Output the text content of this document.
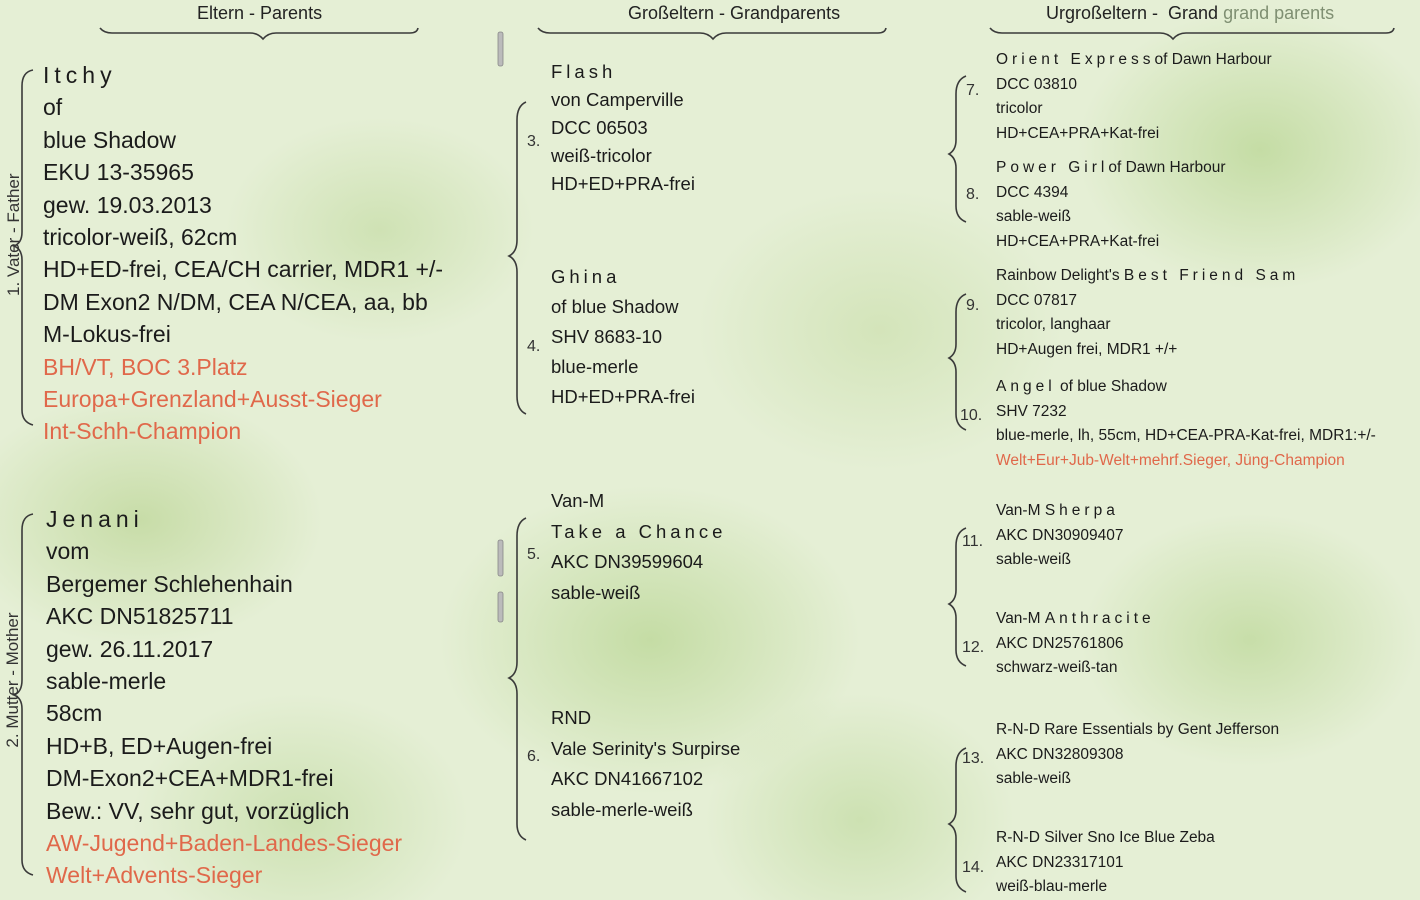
Eltern - Parents	Großeltern - Grandparents	Urgroßeltern -  Grand grand parents
1. Vater - Father
2. Mutter - Mother
Itchy
of
blue Shadow
EKU 13-35965
gew. 19.03.2013
tricolor-weiß, 62cm
HD+ED-frei, CEA/CH carrier, MDR1 +/-
DM Exon2 N/DM, CEA N/CEA, aa, bb
M-Lokus-frei
BH/VT, BOC 3.Platz
Europa+Grenzland+Ausst-Sieger
Int-Schh-Champion
Jenani
vom
Bergemer Schlehenhain
AKC DN51825711
gew. 26.11.2017
sable-merle
58cm
HD+B, ED+Augen-frei
DM-Exon2+CEA+MDR1-frei
Bew.: VV, sehr gut, vorzüglich
AW-Jugend+Baden-Landes-Sieger
Welt+Advents-Sieger
3.
Flash
von Camperville
DCC 06503
weiß-tricolor
HD+ED+PRA-frei
4.
Ghina
of blue Shadow
SHV 8683-10
blue-merle
HD+ED+PRA-frei
5.
Van-M
Take a Chance
AKC DN39599604
sable-weiß
6.
RND
Vale Serinity's Surpirse
AKC DN41667102
sable-merle-weiß
7.
Orient Expressof Dawn Harbour
DCC 03810
tricolor
HD+CEA+PRA+Kat-frei
8.
Power Girlof Dawn Harbour
DCC 4394
sable-weiß
HD+CEA+PRA+Kat-frei
9.
Rainbow Delight's Best Friend Sam
DCC 07817
tricolor, langhaar
HD+Augen frei, MDR1 +/+
10.
Angel of blue Shadow
SHV 7232
blue-merle, lh, 55cm, HD+CEA-PRA-Kat-frei, MDR1:+/-
Welt+Eur+Jub-Welt+mehrf.Sieger, Jüng-Champion
11.
Van-M Sherpa
AKC DN30909407
sable-weiß
12.
Van-M Anthracite
AKC DN25761806
schwarz-weiß-tan
13.
R-N-D Rare Essentials by Gent Jefferson
AKC DN32809308
sable-weiß
14.
R-N-D Silver Sno Ice Blue Zeba
AKC DN23317101
weiß-blau-merle
